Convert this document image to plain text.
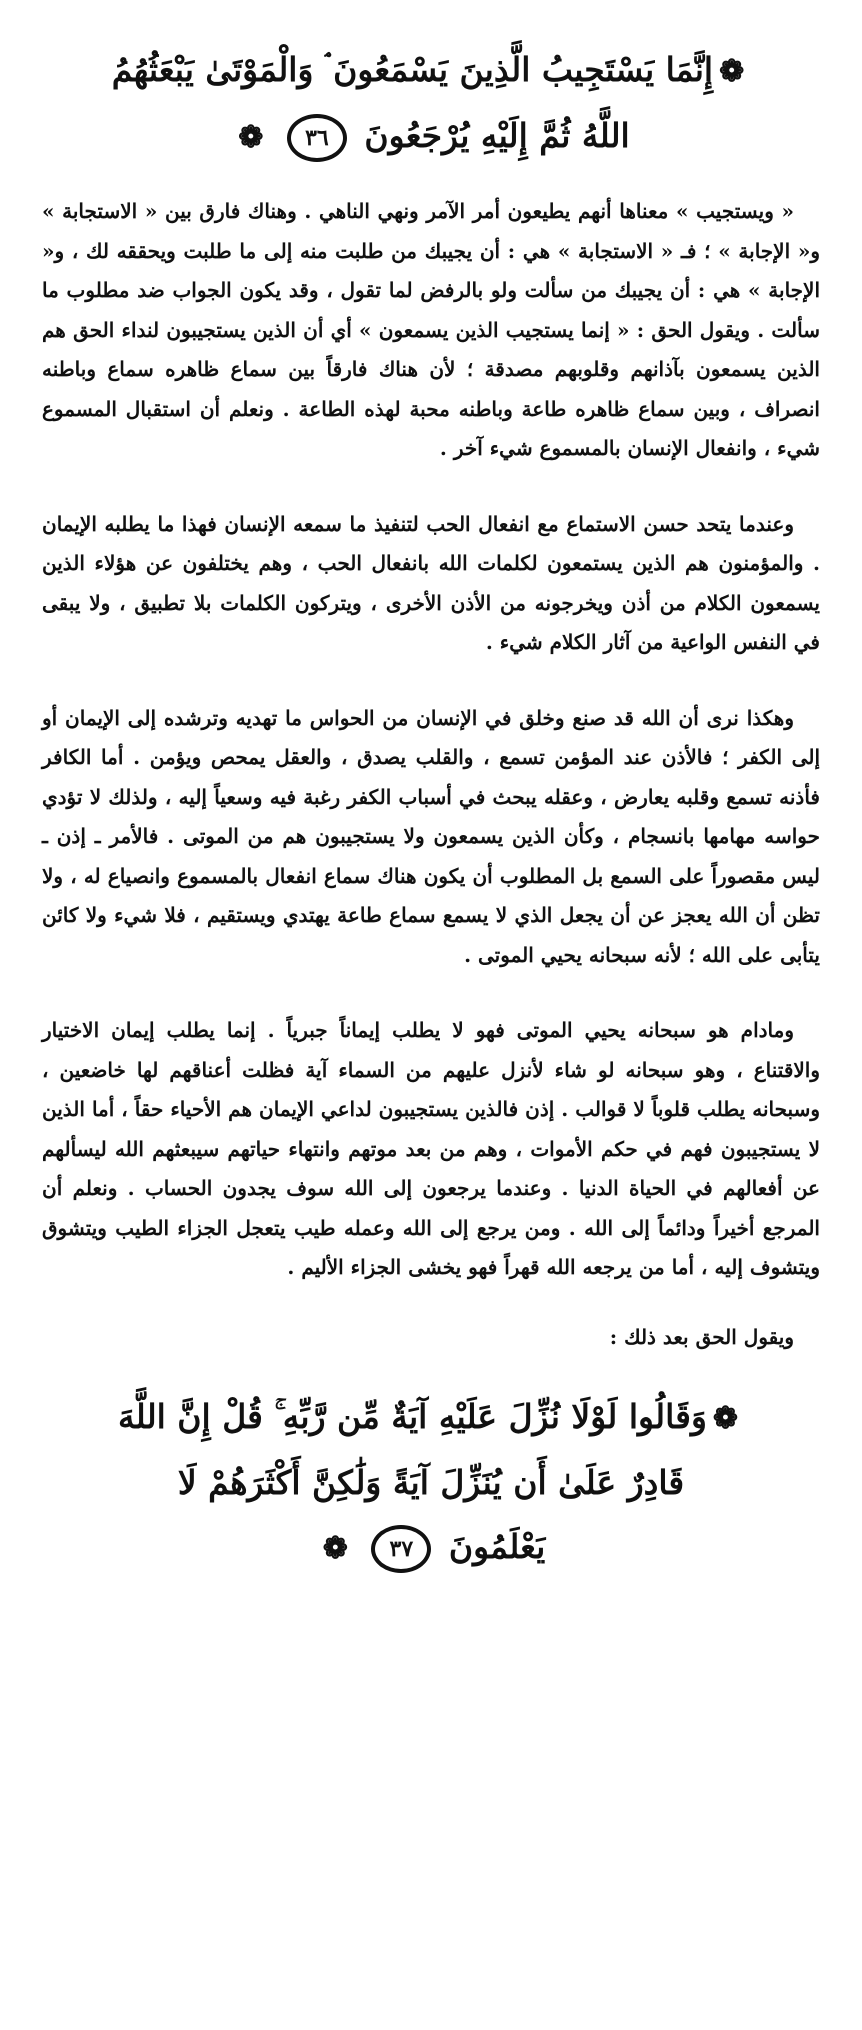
❁إِنَّمَا يَسْتَجِيبُ الَّذِينَ يَسْمَعُونَ ۘ وَالْمَوْتَىٰ يَبْعَثُهُمُ
اللَّهُ ثُمَّ إِلَيْهِ يُرْجَعُونَ ٣٦ ❁

« ويستجيب » معناها أنهم يطيعون أمر الآمر ونهي الناهي . وهناك فارق بين « الاستجابة » و« الإجابة » ؛ فـ « الاستجابة » هي : أن يجيبك من طلبت منه إلى ما طلبت ويحققه لك ، و« الإجابة » هي : أن يجيبك من سألت ولو بالرفض لما تقول ، وقد يكون الجواب ضد مطلوب ما سألت . ويقول الحق : « إنما يستجيب الذين يسمعون » أي أن الذين يستجيبون لنداء الحق هم الذين يسمعون بآذانهم وقلوبهم مصدقة ؛ لأن هناك فارقاً بين سماع ظاهره سماع وباطنه انصراف ، وبين سماع ظاهره طاعة وباطنه محبة لهذه الطاعة . ونعلم أن استقبال المسموع شيء ، وانفعال الإنسان بالمسموع شيء آخر .

وعندما يتحد حسن الاستماع مع انفعال الحب لتنفيذ ما سمعه الإنسان فهذا ما يطلبه الإيمان . والمؤمنون هم الذين يستمعون لكلمات الله بانفعال الحب ، وهم يختلفون عن هؤلاء الذين يسمعون الكلام من أذن ويخرجونه من الأذن الأخرى ، ويتركون الكلمات بلا تطبيق ، ولا يبقى في النفس الواعية من آثار الكلام شيء .

وهكذا نرى أن الله قد صنع وخلق في الإنسان من الحواس ما تهديه وترشده إلى الإيمان أو إلى الكفر ؛ فالأذن عند المؤمن تسمع ، والقلب يصدق ، والعقل يمحص ويؤمن . أما الكافر فأذنه تسمع وقلبه يعارض ، وعقله يبحث في أسباب الكفر رغبة فيه وسعياً إليه ، ولذلك لا تؤدي حواسه مهامها بانسجام ، وكأن الذين يسمعون ولا يستجيبون هم من الموتى . فالأمر ـ إذن ـ ليس مقصوراً على السمع بل المطلوب أن يكون هناك سماع انفعال بالمسموع وانصياع له ، ولا تظن أن الله يعجز عن أن يجعل الذي لا يسمع سماع طاعة يهتدي ويستقيم ، فلا شيء ولا كائن يتأبى على الله ؛ لأنه سبحانه يحيي الموتى .

ومادام هو سبحانه يحيي الموتى فهو لا يطلب إيماناً جبرياً . إنما يطلب إيمان الاختيار والاقتناع ، وهو سبحانه لو شاء لأنزل عليهم من السماء آية فظلت أعناقهم لها خاضعين ، وسبحانه يطلب قلوباً لا قوالب . إذن فالذين يستجيبون لداعي الإيمان هم الأحياء حقاً ، أما الذين لا يستجيبون فهم في حكم الأموات ، وهم من بعد موتهم وانتهاء حياتهم سيبعثهم الله ليسألهم عن أفعالهم في الحياة الدنيا . وعندما يرجعون إلى الله سوف يجدون الحساب . ونعلم أن المرجع أخيراً ودائماً إلى الله . ومن يرجع إلى الله وعمله طيب يتعجل الجزاء الطيب ويتشوق ويتشوف إليه ، أما من يرجعه الله قهراً فهو يخشى الجزاء الأليم .

ويقول الحق بعد ذلك :

❁وَقَالُوا لَوْلَا نُزِّلَ عَلَيْهِ آيَةٌ مِّن رَّبِّهِ ۚ قُلْ إِنَّ اللَّهَ
قَادِرٌ عَلَىٰ أَن يُنَزِّلَ آيَةً وَلَٰكِنَّ أَكْثَرَهُمْ لَا
يَعْلَمُونَ ٣٧ ❁
